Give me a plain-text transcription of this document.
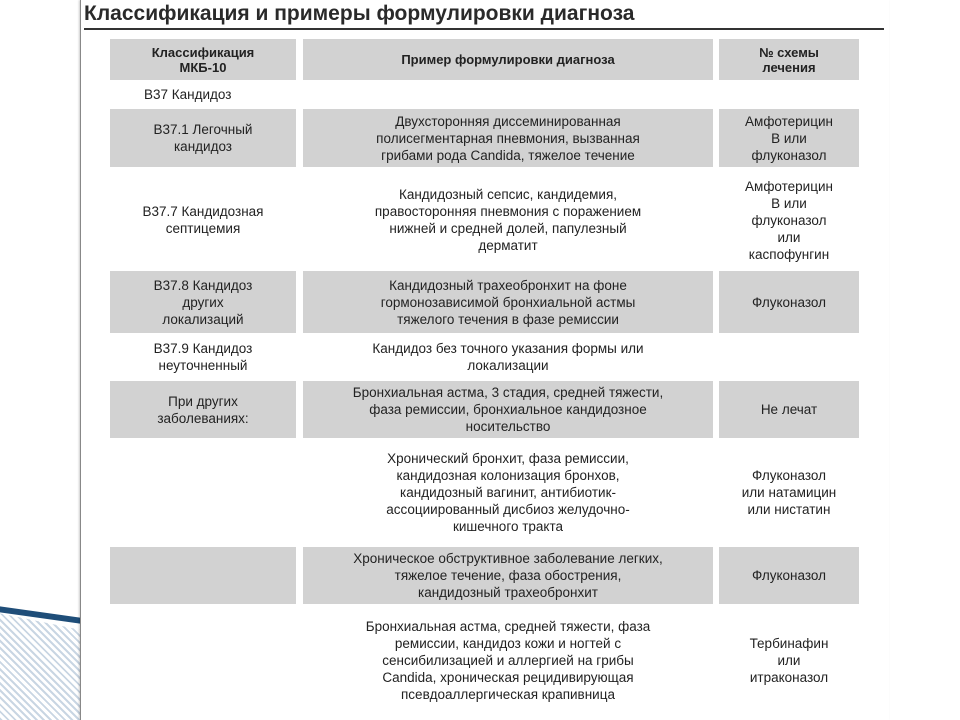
Классификация и примеры формулировки диагноза
Классификация
МКБ-10	Пример формулировки диагноза	№ схемы
лечения
B37 Кандидоз
B37.1 Легочный
кандидоз
Двухсторонняя диссеминированная
полисегментарная пневмония, вызванная
грибами рода Candida, тяжелое течение
Амфотерицин
B или
флуконазол
B37.7 Кандидозная
септицемия
Кандидозный сепсис, кандидемия,
правосторонняя пневмония с поражением
нижней и средней долей, папулезный
дерматит
Амфотерицин
B или
флуконазол
или
каспофунгин
B37.8 Кандидоз
других
локализаций
Кандидозный трахеобронхит на фоне
гормонозависимой бронхиальной астмы
тяжелого течения в фазе ремиссии
Флуконазол
B37.9 Кандидоз
неуточненный
Кандидоз без точного указания формы или
локализации
При других
заболеваниях:
Бронхиальная астма, 3 стадия, средней тяжести,
фаза ремиссии, бронхиальное кандидозное
носительство
Не лечат
Хронический бронхит, фаза ремиссии,
кандидозная колонизация бронхов,
кандидозный вагинит, антибиотик-
ассоциированный дисбиоз желудочно-
кишечного тракта
Флуконазол
или натамицин
или нистатин
Хроническое обструктивное заболевание легких,
тяжелое течение, фаза обострения,
кандидозный трахеобронхит
Флуконазол
Бронхиальная астма, средней тяжести, фаза
ремиссии, кандидоз кожи и ногтей с
сенсибилизацией и аллергией на грибы
Candida, хроническая рецидивирующая
псевдоаллергическая крапивница
Тербинафин
или
итраконазол
